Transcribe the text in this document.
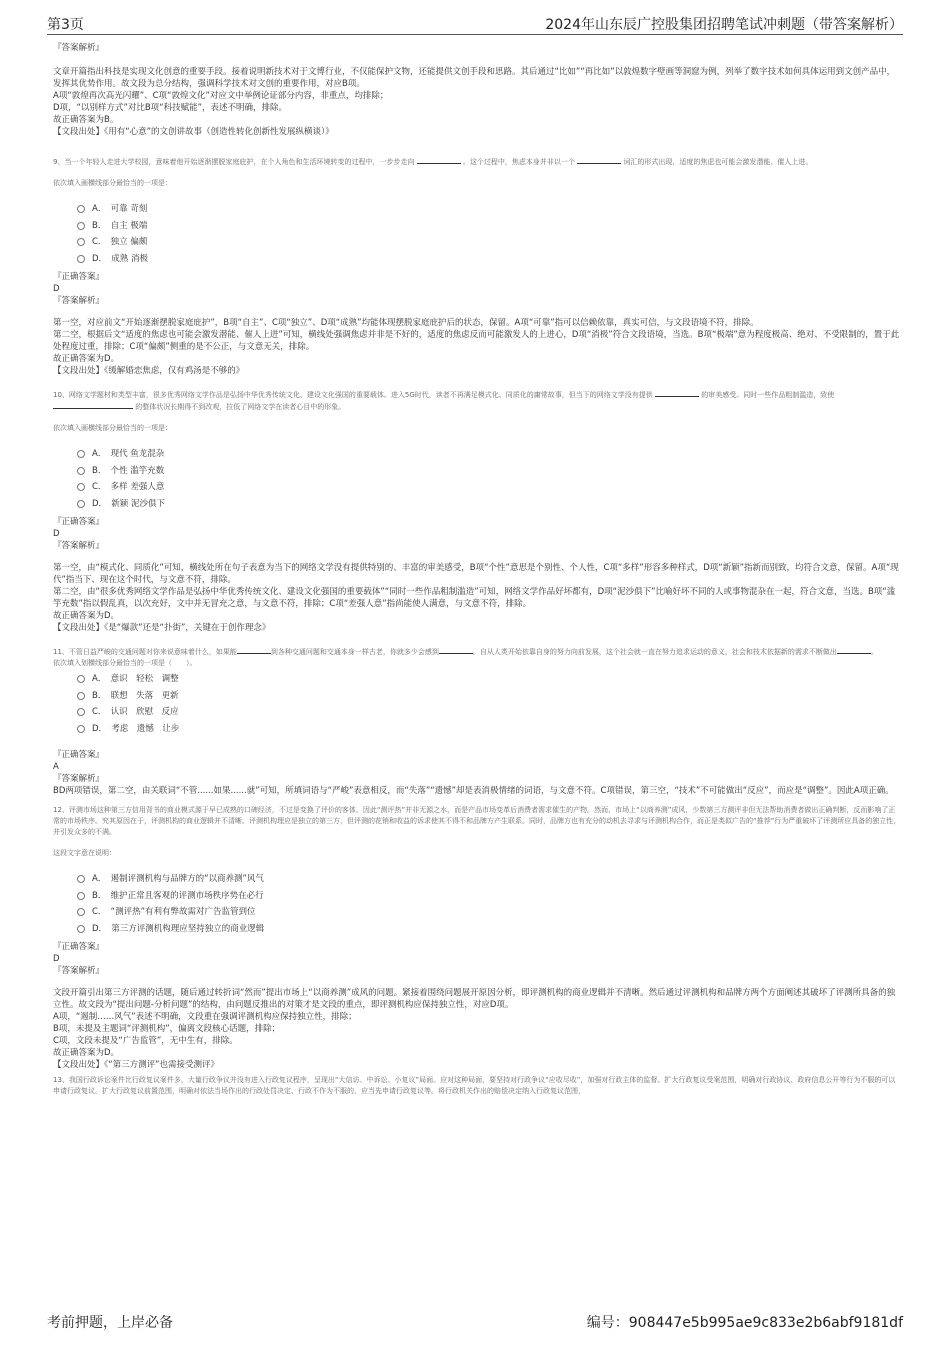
第3页	2024年山东辰广控股集团招聘笔试冲刺题（带答案解析）

『答案解析』

文章开篇指出科技是实现文化创意的重要手段。接着说明新技术对于文博行业，不仅能保护文物，还能提供文创手段和思路。其后通过“比如”“再比如”以敦煌数字壁画等洞窟为例，列举了数字技术如何具体运用到文创产品中，发挥其优势作用。故文段为总分结构，强调科学技术对文创的重要作用，对应B项。

A项“敦煌再次高光闪耀”、C项“敦煌文化”对应文中举例论证部分内容，非重点，均排除；

D项，“以别样方式”对比B项“科技赋能”，表述不明确，排除。

故正确答案为B。

【文段出处】《用有“心意”的文创讲故事（创造性转化创新性发展纵横谈）》

9、当一个年轻人走进大学校园，意味着他开始逐渐摆脱家庭庇护，在个人角色和生活环境转变的过程中，一步步走向	。这个过程中，焦虑本身并非以一个	词汇的形式出现，适度的焦虑也可能会激发潜能、催人上进。

依次填入画横线部分最恰当的一项是：

A．　可靠 苛刻
B．　自主 极端
C．　独立 偏颇
D．　成熟 消极

『正确答案』

D

『答案解析』

第一空，对应前文“开始逐渐摆脱家庭庇护”，B项“自主”、C项“独立”、D项“成熟”均能体现摆脱家庭庇护后的状态，保留。A项“可靠”指可以信赖依靠，真实可信，与文段语境不符，排除。

第二空，根据后文“适度的焦虑也可能会激发潜能、催人上进”可知，横线处强调焦虑并非是不好的，适度的焦虑反而可能激发人的上进心，D项“消极”符合文段语境，当选。B项“极端”意为程度极高、绝对、不受限制的，置于此处程度过重，排除；C项“偏颇”侧重的是不公正，与文意无关，排除。

故正确答案为D。

【文段出处】《缓解婚恋焦虑，仅有鸡汤是不够的》

10、网络文学题材和类型丰富，很多优秀网络文学作品是弘扬中华优秀传统文化、建设文化强国的重要载体。进入5G时代，读者不再满足模式化、同质化的庸常故事，但当下的网络文学没有提供	的审美感受。同时一些作品粗制滥造，致使  的整体状况长期得不到改观，拉低了网络文学在读者心目中的形象。

依次填入画横线部分最恰当的一项是：

A．　现代 鱼龙混杂
B．　个性 滥竽充数
C．　多样 差强人意
D．　新颖 泥沙俱下

『正确答案』

D

『答案解析』

第一空，由“模式化、同质化”可知，横线处所在句子表意为当下的网络文学没有提供特别的、丰富的审美感受，B项“个性”意思是个别性、个人性，C项“多样”形容多种样式，D项“新颖”指新而别致，均符合文意，保留。A项“现代”指当下、现在这个时代，与文意不符，排除。

第二空，由“很多优秀网络文学作品是弘扬中华优秀传统文化、建设文化强国的重要载体”“同时一些作品粗制滥造”可知，网络文学作品好坏都有，D项“泥沙俱下”比喻好坏不同的人或事物混杂在一起，符合文意，当选。B项“滥竽充数”指以假乱真，以次充好，文中并无冒充之意，与文意不符，排除；C项“差强人意”指尚能使人满意，与文意不符，排除。

故正确答案为D。

【文段出处】《是“爆款”还是“扑街”，关键在于创作理念》

11、不管日益严峻的交通问题对你来说意味着什么，如果能	到各种交通问题和交通本身一样古老，你就多少会感到	。自从人类开始依靠自身的努力向前发展，这个社会就一直在努力追求运动的意义，社会和技术依据新的需求不断做出	。

依次填入划横线部分最恰当的一项是（　　）。

A．　意识　轻松　调整
B．　联想　失落　更新
C．　认识　欣慰　反应
D．　考虑　遗憾　让步

『正确答案』

A

『答案解析』

BD两项错误，第二空，由关联词“不管......如果......就”可知，所填词语与“严峻”表意相反，而“失落”“遗憾”却是表消极情绪的词语，与文意不符。C项错误，第三空，“技术”不可能做出“反应”，而应是“调整”。因此A项正确。

12、评测市场这种第三方信用背书的商业模式源于早已成熟的口碑经济，不过是变换了评价的客体，因此“测评热”并非无源之水，而是产品市场变革后消费者需求催生的产物。然而，市场上“以商养测”成风，少数第三方测评非但无法帮助消费者做出正确判断，反而影响了正常的市场秩序。究其原因在于，评测机构的商业逻辑并不清晰。评测机构理应是独立的第三方，但评测的花销和收益的诉求使其不得不和品牌方产生联系。同时，品牌方也有充分的动机去寻求与评测机构合作，而正是类似广告的“推荐”行为严重破坏了评测所应具备的独立性，并引发众多的不满。

这段文字意在说明：

A．　遏制评测机构与品牌方的“以商养测”风气
B．　维护正常且客观的评测市场秩序势在必行
C．　“测评热”有利有弊故需对广告监管到位
D．　第三方评测机构理应坚持独立的商业逻辑

『正确答案』

D

『答案解析』

文段开篇引出第三方评测的话题，随后通过转折词“然而”提出市场上“以商养测”成风的问题。紧接着围绕问题展开原因分析，即评测机构的商业逻辑并不清晰。然后通过评测机构和品牌方两个方面阐述其破坏了评测所具备的独立性。故文段为“提出问题-分析问题”的结构，由问题反推出的对策才是文段的重点，即评测机构应保持独立性，对应D项。

A项，“遏制……风气”表述不明确，文段重在强调评测机构应保持独立性，排除；

B项，未提及主题词“评测机构”，偏离文段核心话题，排除；

C项，文段未提及“广告监管”，无中生有，排除。

故正确答案为D。

【文段出处】《“第三方测评”也需接受测评》

13、我国行政诉讼案件比行政复议案件多，大量行政争议并没有进入行政复议程序，呈现出“大信访、中诉讼、小复议”局面。应对这种局面，要坚持对行政争议“应收尽收”，加强对行政主体的监督。扩大行政复议受案范围，明确对行政协议、政府信息公开等行为不服的可以申请行政复议。扩大行政复议前置范围，明确对依法当场作出的行政处罚决定、行政不作为不服的，应当先申请行政复议等。将行政机关作出的赔偿决定纳入行政复议范围，

考前押题，上岸必备	编号：908447e5b995ae9c833e2b6abf9181df
